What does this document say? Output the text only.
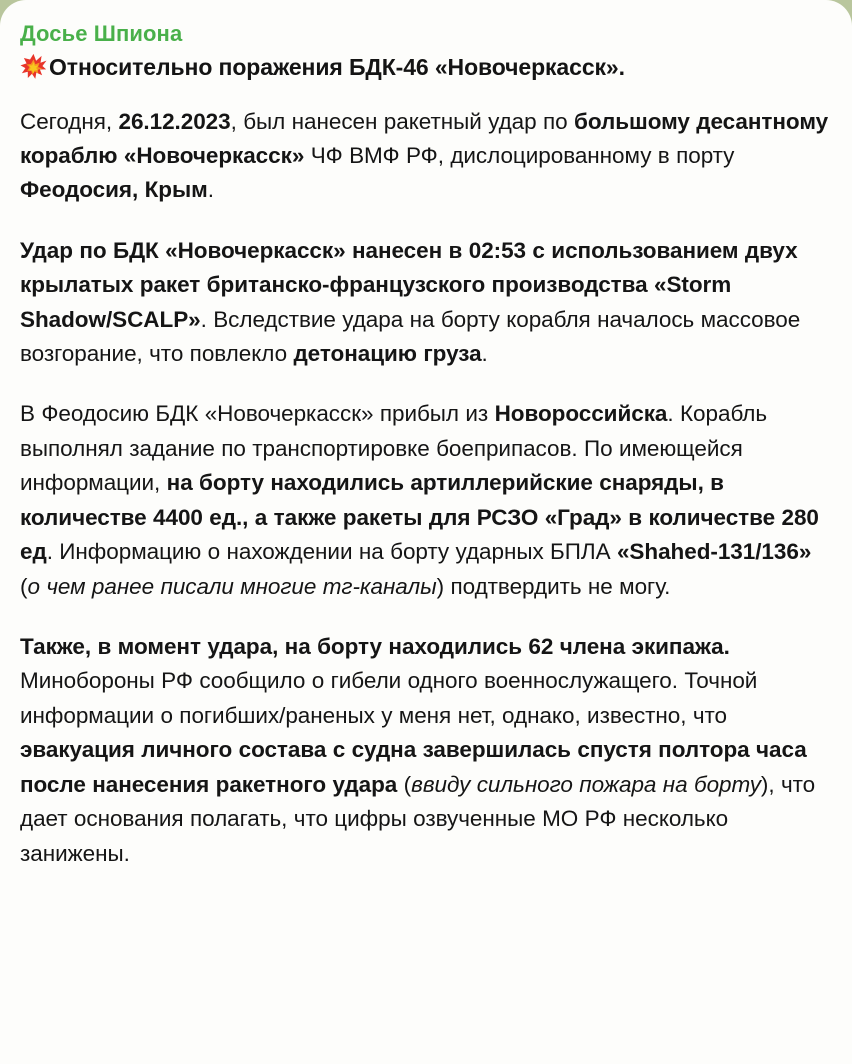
Досье Шпиона
Относительно поражения БДК-46 «Новочеркасск».

Сегодня, 26.12.2023, был нанесен ракетный удар по большому десантному кораблю «Новочеркасск» ЧФ ВМФ РФ, дислоцированному в порту Феодосия, Крым.

Удар по БДК «Новочеркасск» нанесен в 02:53 с использованием двух крылатых ракет британско-французского производства «Storm Shadow/SCALP». Вследствие удара на борту корабля началось массовое возгорание, что повлекло детонацию груза.

В Феодосию БДК «Новочеркасск» прибыл из Новороссийска. Корабль выполнял задание по транспортировке боеприпасов. По имеющейся информации, на борту находились артиллерийские снаряды, в количестве 4400 ед., а также ракеты для РСЗО «Град» в количестве 280 ед. Информацию о нахождении на борту ударных БПЛА «Shahed-131/136» (о чем ранее писали многие тг-каналы) подтвердить не могу.

Также, в момент удара, на борту находились 62 члена экипажа. Минобороны РФ сообщило о гибели одного военнослужащего. Точной информации о погибших/раненых у меня нет, однако, известно, что эвакуация личного состава с судна завершилась спустя полтора часа после нанесения ракетного удара (ввиду сильного пожара на борту), что дает основания полагать, что цифры озвученные МО РФ несколько занижены.
